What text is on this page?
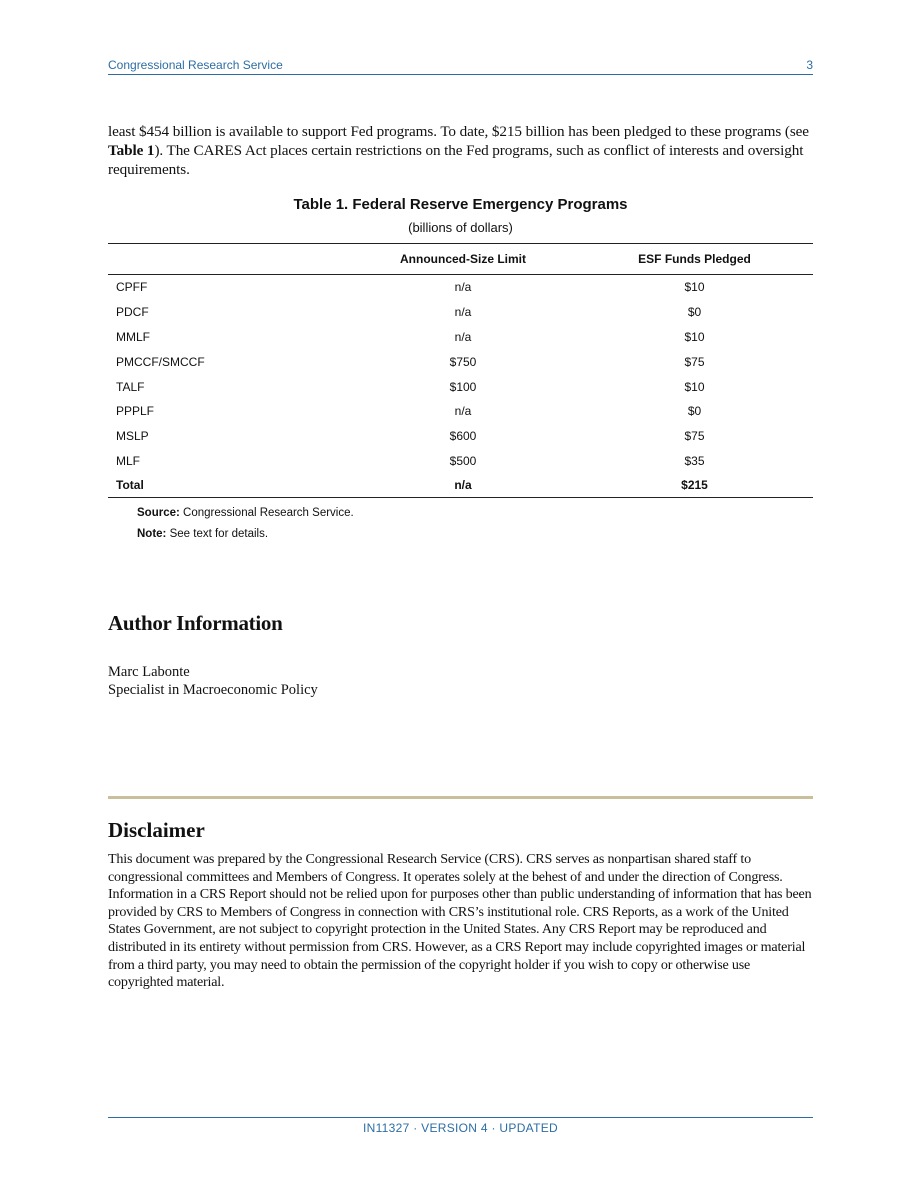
Congressional Research Service	3

least $454 billion is available to support Fed programs. To date, $215 billion has been pledged to these programs (see Table 1). The CARES Act places certain restrictions on the Fed programs, such as conflict of interests and oversight requirements.

Table 1. Federal Reserve Emergency Programs
(billions of dollars)
	Announced-Size Limit	ESF Funds Pledged
CPFF	n/a	$10
PDCF	n/a	$0
MMLF	n/a	$10
PMCCF/SMCCF	$750	$75
TALF	$100	$10
PPPLF	n/a	$0
MSLP	$600	$75
MLF	$500	$35
Total	n/a	$215
Source: Congressional Research Service.
Note: See text for details.
Author Information
Marc Labonte
Specialist in Macroeconomic Policy
Disclaimer

This document was prepared by the Congressional Research Service (CRS). CRS serves as nonpartisan shared staff to congressional committees and Members of Congress. It operates solely at the behest of and under the direction of Congress. Information in a CRS Report should not be relied upon for purposes other than public understanding of information that has been provided by CRS to Members of Congress in connection with CRS’s institutional role. CRS Reports, as a work of the United States Government, are not subject to copyright protection in the United States. Any CRS Report may be reproduced and distributed in its entirety without permission from CRS. However, as a CRS Report may include copyrighted images or material from a third party, you may need to obtain the permission of the copyright holder if you wish to copy or otherwise use copyrighted material.

IN11327 · VERSION 4 · UPDATED
